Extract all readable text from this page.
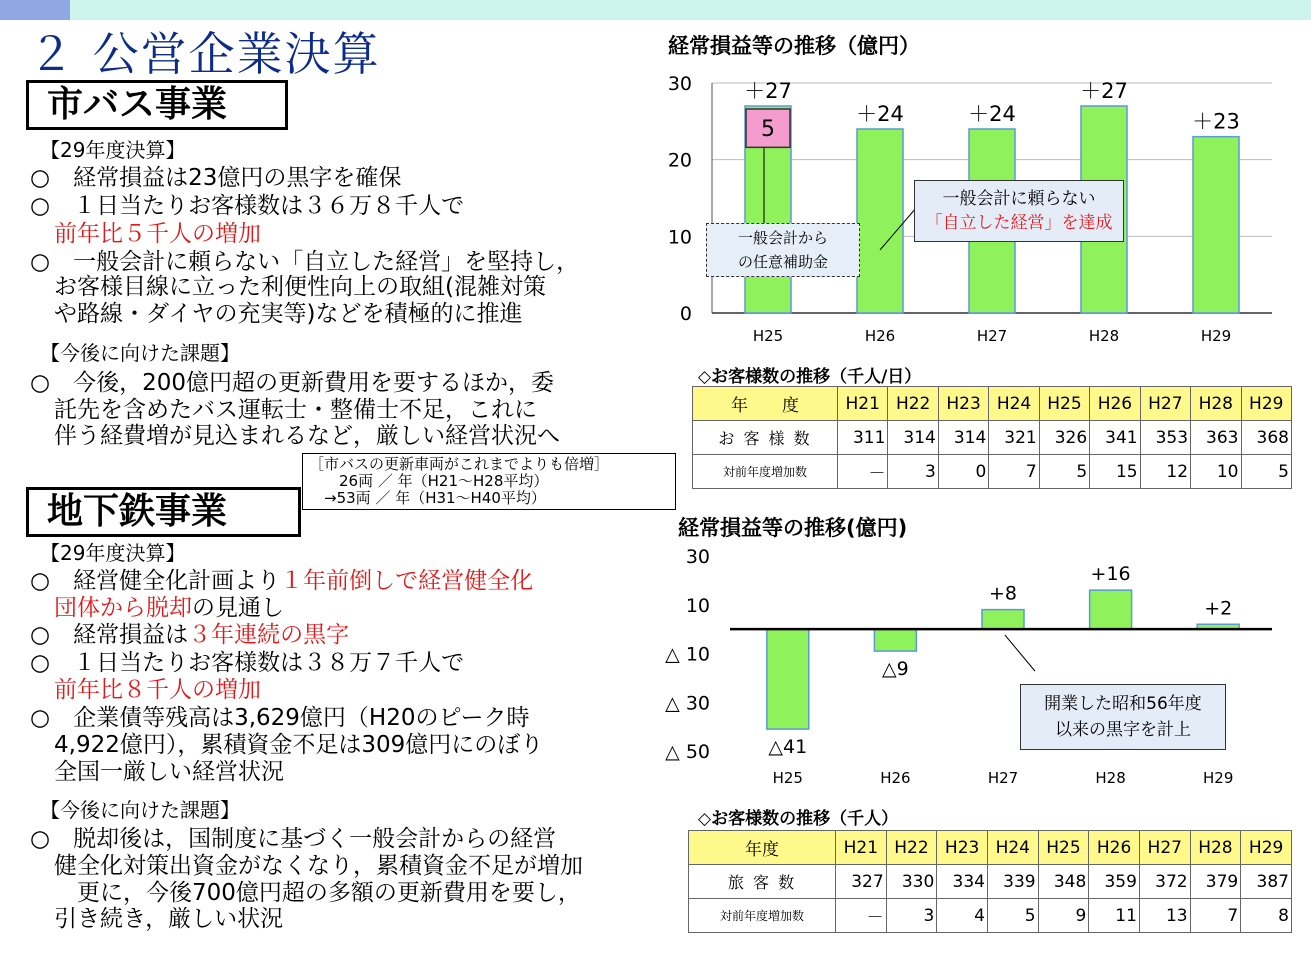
２ 公営企業決算
市バス事業
【29年度決算】
○　経常損益は23億円の黒字を確保
○　１日当たりお客様数は３６万８千人で
前年比５千人の増加
○　一般会計に頼らない「自立した経営」を堅持し，
お客様目線に立った利便性向上の取組(混雑対策
や路線・ダイヤの充実等)などを積極的に推進
【今後に向けた課題】
○　今後，200億円超の更新費用を要するほか，委
託先を含めたバス運転士・整備士不足，これに
伴う経費増が見込まれるなど，厳しい経営状況へ
［市バスの更新車両がこれまでよりも倍増］
　　26両 ／ 年（H21～H28平均）
　→53両 ／ 年（H31～H40平均）
地下鉄事業
【29年度決算】
○　経営健全化計画より１年前倒しで経営健全化
団体から脱却の見通し
○　経常損益は３年連続の黒字
○　１日当たりお客様数は３８万７千人で
前年比８千人の増加
○　企業債等残高は3,629億円（H20のピーク時
4,922億円），累積資金不足は309億円にのぼり
全国一厳しい経営状況
【今後に向けた課題】
○　脱却後は，国制度に基づく一般会計からの経営
健全化対策出資金がなくなり，累積資金不足が増加
　更に，今後700億円超の多額の更新費用を要し，
引き続き，厳しい状況
経常損益等の推移（億円）
0
10
20
30 ＋27
H25
5
＋24
H26
＋24
H27
＋27
H28
＋23
H29
一般会計から
の任意補助金
一般会計に頼らない
「自立した経営」を達成
◇お客様数の推移（千人/日）
年　　度	H21	H22	H23	H24	H25	H26	H27	H28	H29
お 客 様 数	311	314	314	321	326	341	353	363	368
対前年度増加数	－	3	0	7	5	15	12	10	5
経常損益等の推移(億円)
30
10
△ 10
△ 30
△ 50	△41
H25
△9
H26
+8
H27
+16
H28
+2
H29
開業した昭和56年度
以来の黒字を計上
◇お客様数の推移（千人）
年度	H21	H22	H23	H24	H25	H26	H27	H28	H29
旅 客 数	327	330	334	339	348	359	372	379	387
対前年度増加数	－	3	4	5	9	11	13	7	8
